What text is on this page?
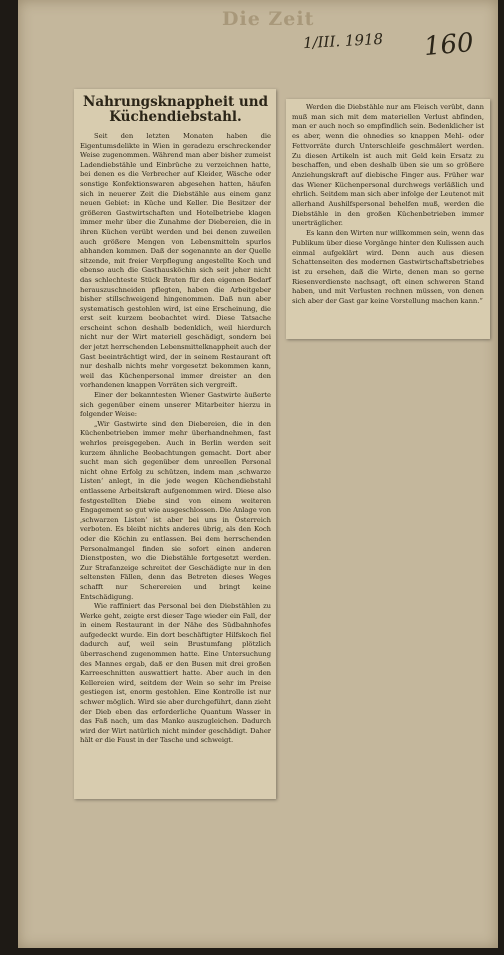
Die Zeit
1/III. 1918 160
Nahrungsknappheit und Küchendiebstahl.

Seit den letzten Monaten haben die Eigentumsdelikte in Wien in geradezu erschreckender Weise zugenommen. Während man aber bisher zumeist Ladendiebstähle und Einbrüche zu verzeichnen hatte, bei denen es die Verbrecher auf Kleider, Wäsche oder sonstige Konfektionswaren abgesehen hatten, häufen sich in neuerer Zeit die Diebstähle aus einem ganz neuen Gebiet: in Küche und Keller. Die Besitzer der größeren Gastwirtschaften und Hotelbetriebe klagen immer mehr über die Zunahme der Diebereien, die in ihren Küchen verübt werden und bei denen zuweilen auch größere Mengen von Lebensmitteln spurlos abhanden kommen. Daß der sogenannte an der Quelle sitzende, mit freier Verpflegung angestellte Koch und ebenso auch die Gasthausköchin sich seit jeher nicht das schlechteste Stück Braten für den eigenen Bedarf herauszuschneiden pflegten, haben die Arbeitgeber bisher stillschweigend hingenommen. Daß nun aber systematisch gestohlen wird, ist eine Erscheinung, die erst seit kurzem beobachtet wird. Diese Tatsache erscheint schon deshalb bedenklich, weil hierdurch nicht nur der Wirt materiell geschädigt, sondern bei der jetzt herrschenden Lebensmittelknappheit auch der Gast beeinträchtigt wird, der in seinem Restaurant oft nur deshalb nichts mehr vorgesetzt bekommen kann, weil das Küchenpersonal immer dreister an den vorhandenen knappen Vorräten sich vergreift.

Einer der bekanntesten Wiener Gastwirte äußerte sich gegenüber einem unserer Mitarbeiter hierzu in folgender Weise:

„Wir Gastwirte sind den Diebereien, die in den Küchenbetrieben immer mehr überhandnehmen, fast wehrlos preisgegeben. Auch in Berlin werden seit kurzem ähnliche Beobachtungen gemacht. Dort aber sucht man sich gegenüber dem unreellen Personal nicht ohne Erfolg zu schützen, indem man ‚schwarze Listen‘ anlegt, in die jede wegen Küchendiebstahl entlassene Arbeitskraft aufgenommen wird. Diese also festgestellten Diebe sind von einem weiteren Engagement so gut wie ausgeschlossen. Die Anlage von ‚schwarzen Listen‘ ist aber bei uns in Österreich verboten. Es bleibt nichts anderes übrig, als den Koch oder die Köchin zu entlassen. Bei dem herrschenden Personalmangel finden sie sofort einen anderen Dienstposten, wo die Diebstähle fortgesetzt werden. Zur Strafanzeige schreitet der Geschädigte nur in den seltensten Fällen, denn das Betreten dieses Weges schafft nur Scherereien und bringt keine Entschädigung.

Wie raffiniert das Personal bei den Diebstählen zu Werke geht, zeigte erst dieser Tage wieder ein Fall, der in einem Restaurant in der Nähe des Südbahnhofes aufgedeckt wurde. Ein dort beschäftigter Hilfskoch fiel dadurch auf, weil sein Brustumfang plötzlich überraschend zugenommen hatte. Eine Untersuchung des Mannes ergab, daß er den Busen mit drei großen Karreeschnitten auswattiert hatte. Aber auch in den Kellereien wird, seitdem der Wein so sehr im Preise gestiegen ist, enorm gestohlen. Eine Kontrolle ist nur schwer möglich. Wird sie aber durchgeführt, dann zieht der Dieb eben das erforderliche Quantum Wasser in das Faß nach, um das Manko auszugleichen. Dadurch wird der Wirt natürlich nicht minder geschädigt. Daher hält er die Faust in der Tasche und schweigt.

Werden die Diebstähle nur am Fleisch verübt, dann muß man sich mit dem materiellen Verlust abfinden, man er auch noch so empfindlich sein. Bedenklicher ist es aber, wenn die ohnedies so knappen Mehl- oder Fettvorräte durch Unterschleife geschmälert werden. Zu diesen Artikeln ist auch mit Geld kein Ersatz zu beschaffen, und eben deshalb üben sie um so größere Anziehungskraft auf diebische Finger aus. Früher war das Wiener Küchenpersonal durchwegs verläßlich und ehrlich. Seitdem man sich aber infolge der Leutenot mit allerhand Aushilfspersonal behelfen muß, werden die Diebstähle in den großen Küchenbetrieben immer unerträglicher.

Es kann den Wirten nur willkommen sein, wenn das Publikum über diese Vorgänge hinter den Kulissen auch einmal aufgeklärt wird. Denn auch aus diesen Schattenseiten des modernen Gastwirtschaftsbetriebes ist zu ersehen, daß die Wirte, denen man so gerne Riesenverdienste nachsagt, oft einen schweren Stand haben, und mit Verlusten rechnen müssen, von denen sich aber der Gast gar keine Vorstellung machen kann.“
